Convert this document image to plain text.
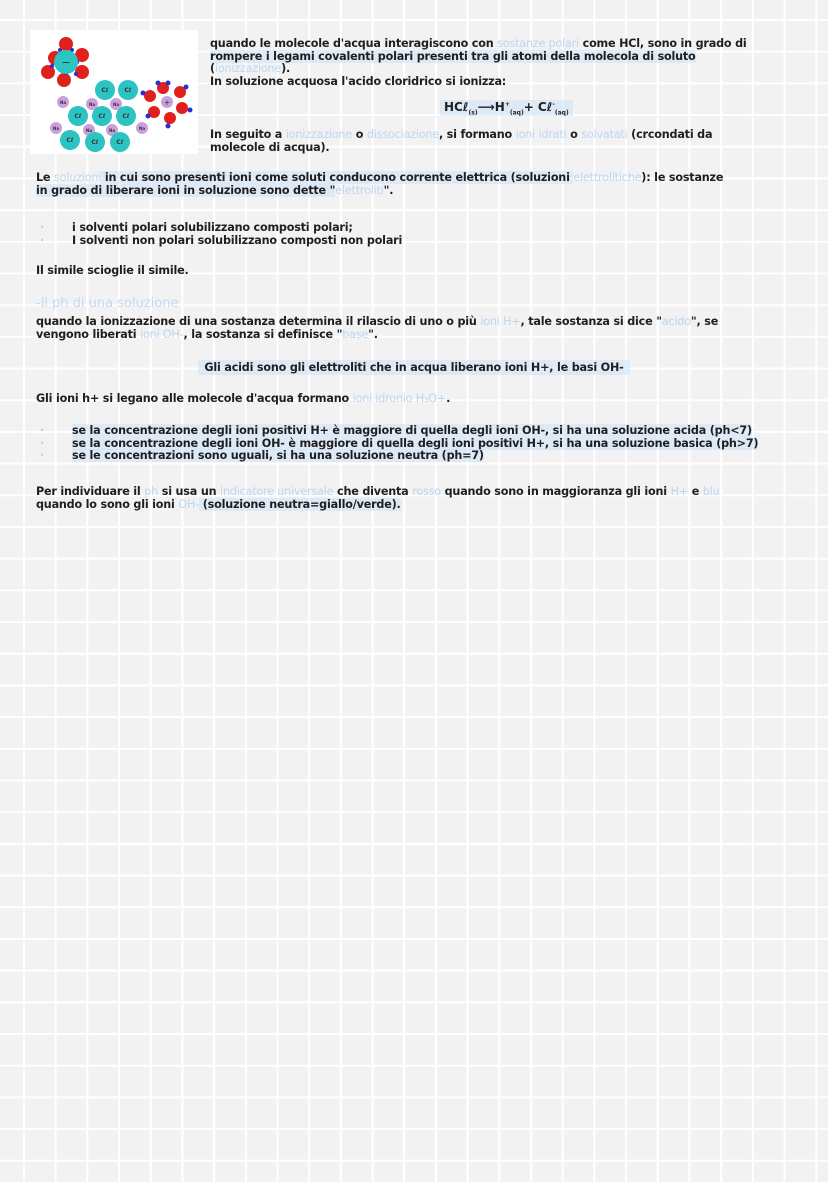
−
+
Cℓ	Cℓ
Cℓ	Cℓ	Cℓ
Cℓ	Cℓ	Cℓ
Na	Na	Na
Na	Na	Na	Na
quando le molecole d'acqua interagiscono con sostanze polari come HCl, sono in grado di
rompere i legami covalenti polari presenti tra gli atomi della molecola di soluto
(ionizzazione).
In soluzione acquosa l'acido cloridrico si ionizza:
$HC\ell_{(s)}⟶H^+_{(aq)}+$ Cℓ-$_{(aq)}$
In seguito a ionizzazione o dissociazione, si formano ioni idrati o solvatati (crcondati da
molecole di acqua).
Le soluzioni in cui sono presenti ioni come soluti conducono corrente elettrica (soluzioni elettrolitiche): le sostanze
in grado di liberare ioni in soluzione sono dette "elettroliti".
· i solventi polari solubilizzano composti polari;
· I solventi non polari solubilizzano composti non polari
Il simile scioglie il simile.
-il ph di una soluzione
quando la ionizzazione di una sostanza determina il rilascio di uno o più ioni H+, tale sostanza si dice "acido", se
vengono liberati ioni OH-, la sostanza si definisce "base".
Gli acidi sono gli elettroliti che in acqua liberano ioni H+, le basi OH-
Gli ioni h+ si legano alle molecole d'acqua formano ioni idronio H₃O+.
· se la concentrazione degli ioni positivi H+ è maggiore di quella degli ioni OH-, si ha una soluzione acida (ph<7)
· se la concentrazione degli ioni OH- è maggiore di quella degli ioni positivi H+, si ha una soluzione basica (ph>7)
· se le concentrazioni sono uguali, si ha una soluzione neutra (ph=7)
Per individuare il ph si usa un indicatore universale che diventa rosso quando sono in maggioranza gli ioni H+ e blu
quando lo sono gli ioni OH- (soluzione neutra=giallo/verde).
